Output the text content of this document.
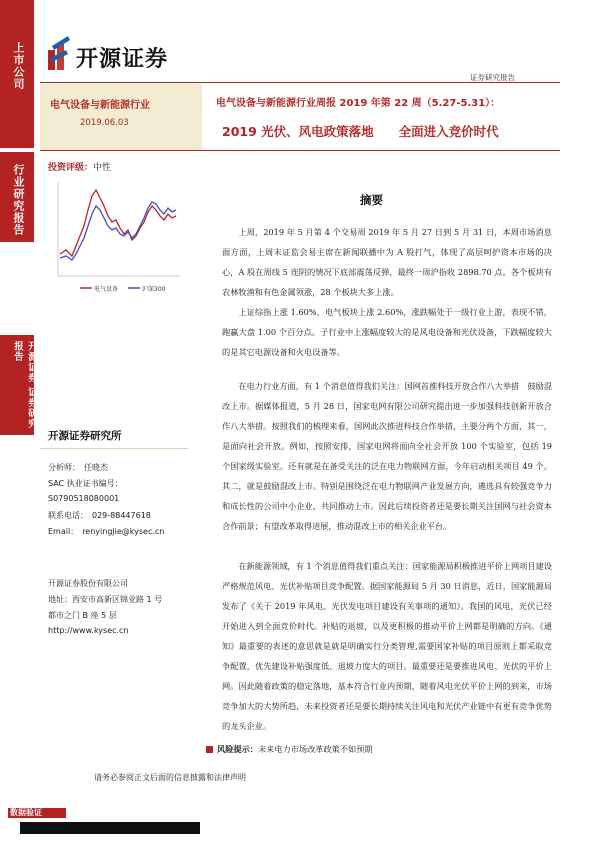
上市公司
行业研究报告
开源证券 证券研究报告
开源证券
证券研究报告
电气设备与新能源行业
2019.06.03
电气设备与新能源行业周报 2019 年第 22 周（5.27-5.31）：
2019 光伏、风电政策落地　　全面进入竞价时代
投资评级：中性
电气设备	沪深300
开源证券研究所
分析师：　任晓杰
SAC 执业证书编号：
S0790518080001
联系电话：　029-88447618
Email：　renyingjie@kysec.cn
开源证券股份有限公司
地址：西安市高新区锦业路 1 号
都市之门 B 座 5 层
http://www.kysec.cn
摘要

上周，2019 年 5 月第 4 个交易周 2019 年 5 月 27 日到 5 月 31 日，本周市场消息面方面，上周末证监会易主席在新闻联播中为 A 股打气，体现了高层呵护资本市场的决心，A 股在周线 5 连阴的情况下底部震荡反弹，最终一周沪指收 2898.70 点。各个板块有农林牧渔和有色金属领涨，28 个板块大多上涨。

上证综指上涨 1.60%，电气板块上涨 2.60%，涨跌幅处于一级行业上游，表现不错，跑赢大盘 1.00 个百分点。子行业中上涨幅度较大的是风电设备和光伏设备，下跌幅度较大的是其它电源设备和火电设备等。

在电力行业方面，有 1 个消息值得我们关注：国网首推科技开放合作八大举措　鼓励混改上市。据媒体报道，5 月 28 日，国家电网有限公司研究提出进一步加强科技创新开放合作八大举措。按照我们的梳理来看，国网此次推进科技合作举措，主要分两个方面，其一，是面向社会开放。例如，按照安排，国家电网将面向全社会开放 100 个实验室，包括 19 个国家级实验室。还有就是在备受关注的泛在电力物联网方面，今年启动相关项目 49 个。其二，就是鼓励混改上市。特别是围绕泛在电力物联网产业发展方向，遴选具有较强竞争力和成长性的公司中小企业，共同推动上市。因此后续投资者还是要长期关注国网与社会资本合作前景；有望改革取得进展，推动混改上市的相关企业平台。

在新能源领域，有 1 个消息值得我们重点关注：国家能源局积极推进平价上网项目建设　严格规范风电、光伏补贴项目竞争配置。据国家能源局 5 月 30 日消息，近日，国家能源局发布了《关于 2019 年风电、光伏发电项目建设有关事项的通知》。我国的风电，光伏已经开始进入到全面竞价时代。补贴的退坡，以及更积极的推动平价上网都是明确的方向。《通知》最重要的表述的意思就是就是明确实行分类管理,需要国家补贴的项目原则上都采取竞争配置，优先建设补贴强度低、退坡力度大的项目。最重要还是要推进风电、光伏的平价上网。因此随着政策的稳定落地，基本符合行业内预期，随着风电光伏平价上网的到来，市场竞争加大的大势所趋，未来投资者还是要长期持续关注风电和光伏产业链中有更有竞争优势的龙头企业。

风险提示：未来电力市场改革政策不如预期
请务必参阅正文后面的信息披露和法律声明
数据验证
